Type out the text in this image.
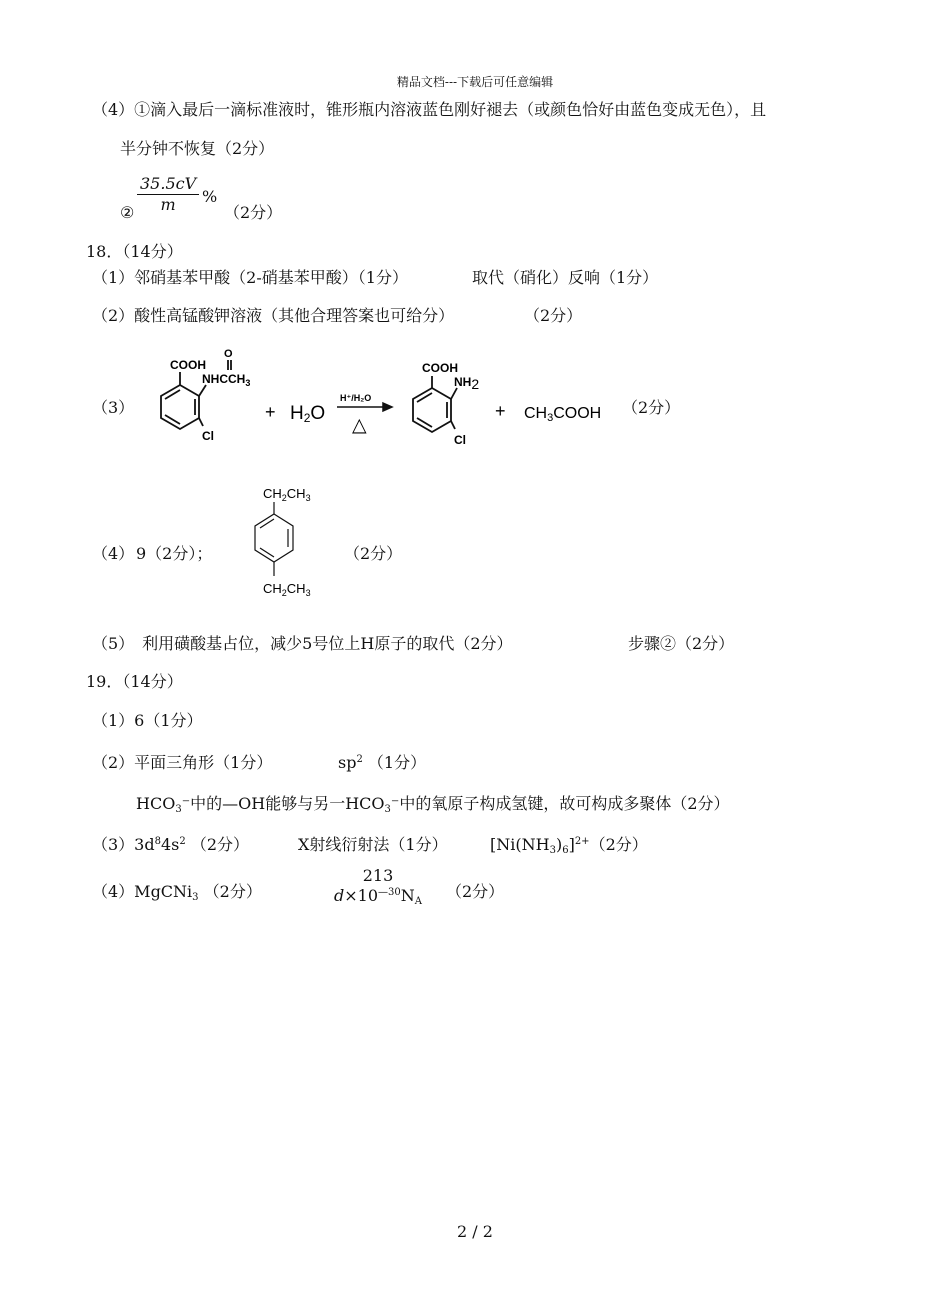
精品文档---下载后可任意编辑
（4）①滴入最后一滴标准液时，锥形瓶内溶液蓝色刚好褪去（或颜色恰好由蓝色变成无色），且
半分钟不恢复（2分）
② $\frac{35.5cV}{m}$ %
（2分）
18．（14分）
（1）邻硝基苯甲酸（2-硝基苯甲酸）（1分）	取代（硝化）反响（1分）
（2）酸性高锰酸钾溶液（其他合理答案也可给分）	（2分）
（3）
COOH
O
$NHCCH_3$
Cl
+ H2O
H⁺/H₂O
△
COOH
NH2
Cl
+ CH3COOH （2分）
（4） 9（2分）；
$CH_2CH_3$
$CH_2CH_3$
（2分）
（5）　利用磺酸基占位，减少5号位上H原子的取代（2分）	步骤②（2分）
19．（14分）
（1）6（1分）
（2）平面三角形（1分）	$sp^2$ （1分）
$HCO_3^-$中的—OH能够与另一$HCO_3^-$中的氧原子构成氢键，故可构成多聚体（2分）
$(3)3d^84s^2$ （2分）	X射线衍射法（1分）	$[Ni(NH_3)_6]^{2+}(2$分）
（4）MgCNi$_3$ （2分）
213
$d\times 10^{—30}N_A$
（2分）
2 / 2
